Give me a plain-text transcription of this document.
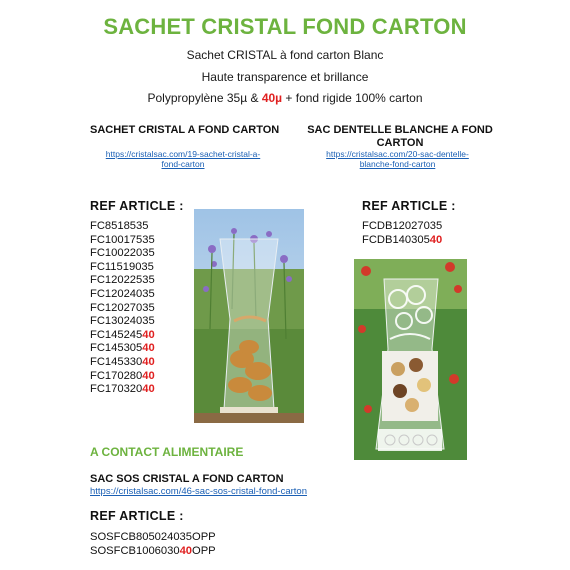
SACHET CRISTAL FOND CARTON
Sachet CRISTAL à fond carton Blanc
Haute transparence et brillance
Polypropylène 35µ & 40µ + fond rigide 100% carton
SACHET CRISTAL A FOND CARTON
https://cristalsac.com/19-sachet-cristal-a-
fond-carton
SAC DENTELLE BLANCHE A FOND
CARTON
https://cristalsac.com/20-sac-dentelle-
blanche-fond-carton
REF ARTICLE :	REF ARTICLE :
FC8518535
FC10017535
FC10022035
FC11519035
FC12022535
FC12024035
FC12027035
FC13024035
FC14524540
FC14530540
FC14533040
FC17028040
FC17032040
FCDB12027035
FCDB14030540
A CONTACT ALIMENTAIRE
SAC SOS CRISTAL A FOND CARTON
https://cristalsac.com/46-sac-sos-cristal-fond-carton
REF ARTICLE :
SOSFCB805024035OPP
SOSFCB100603040OPP
